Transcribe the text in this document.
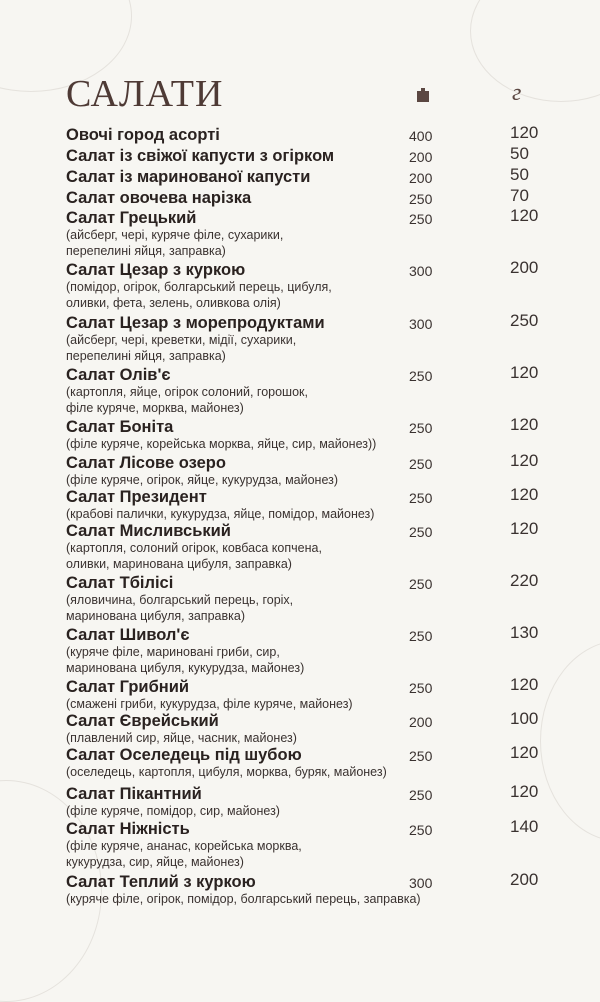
САЛАТИ	г
Овочі город асорті	400	120
Салат із свіжої капусти з огірком	200	50
Салат із маринованої капусти	200	50
Салат овочева нарізка	250	70
Салат Грецький
(айсберг, чері, куряче філе, сухарики,
перепелині яйця, заправка)
250	120
Салат Цезар з куркою
(помідор, огірок, болгарський перець, цибуля,
оливки, фета, зелень, оливкова олія)
300	200
Салат Цезар з морепродуктами
(айсберг, чері, креветки, мідії, сухарики,
перепелині яйця, заправка)
300	250
Салат Олів'є
(картопля, яйце, огірок солоний, горошок,
філе куряче, морква, майонез)
250	120
Салат Боніта
(філе куряче, корейська морква, яйце, сир, майонез))
250	120
Салат Лісове озеро
(філе куряче, огірок, яйце, кукурудза, майонез)
250	120
Салат Президент
(крабові палички, кукурудза, яйце, помідор, майонез)
250	120
Салат Мисливський
(картопля, солоний огірок, ковбаса копчена,
оливки, маринована цибуля, заправка)
250	120
Салат Тбілісі
(яловичина, болгарський перець, горіх,
маринована цибуля, заправка)
250	220
Салат Шивол'є
(куряче філе, мариновані гриби, сир,
маринована цибуля, кукурудза, майонез)
250	130
Салат Грибний
(смажені гриби, кукурудза, філе куряче, майонез)
250	120
Салат Єврейський
(плавлений сир, яйце, часник, майонез)
200	100
Салат Оселедець під шубою
(оселедець, картопля, цибуля, морква, буряк, майонез)
250	120
Салат Пікантний
(філе куряче, помідор, сир, майонез)
250	120
Салат Ніжність
(філе куряче, ананас, корейська морква,
кукурудза, сир, яйце, майонез)
250	140
Салат Теплий з куркою
(куряче філе, огірок, помідор, болгарський перець, заправка)
300	200
